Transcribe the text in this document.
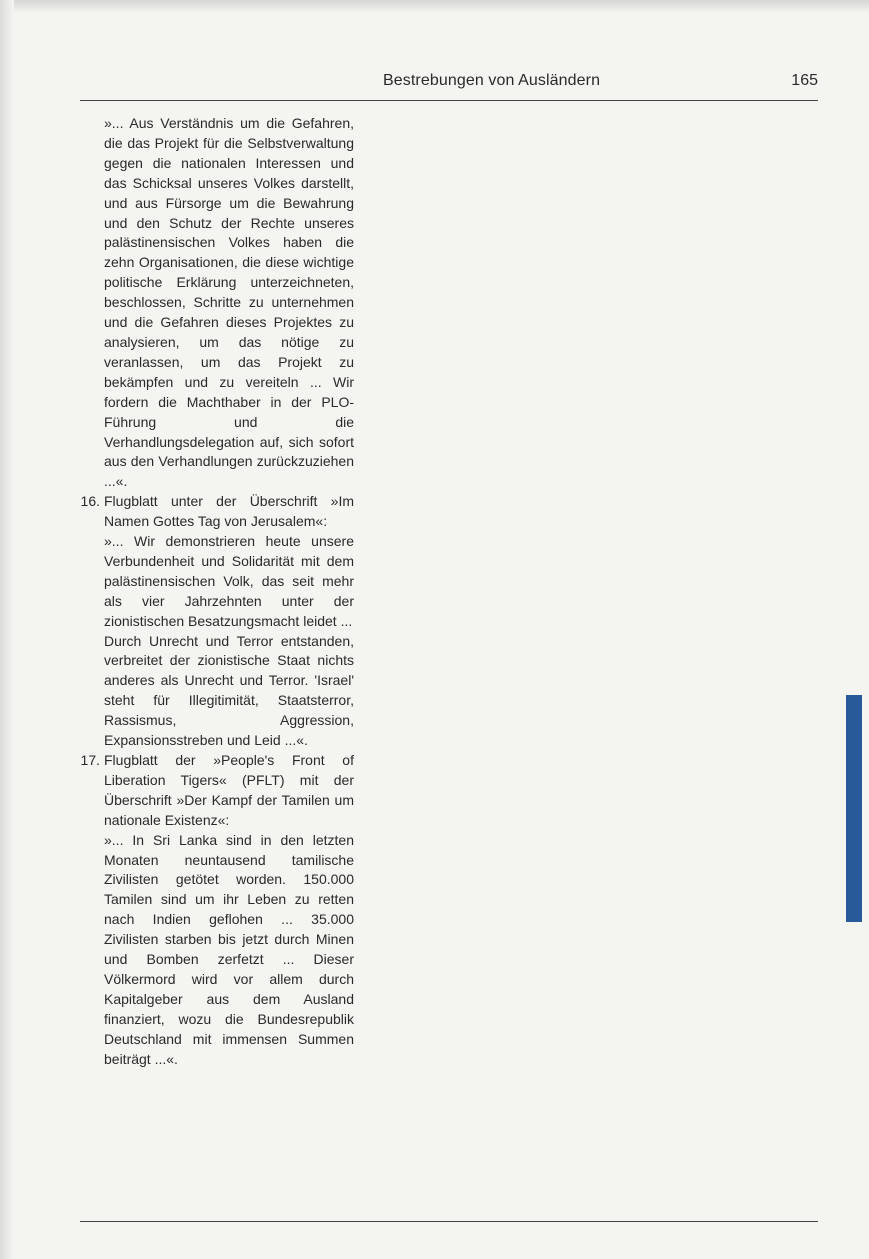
Bestrebungen von Ausländern	165

»... Aus Verständnis um die Gefahren, die das Projekt für die Selbstverwaltung gegen die nationalen Interessen und das Schicksal unseres Volkes darstellt, und aus Fürsorge um die Bewahrung und den Schutz der Rechte unseres palästinensischen Volkes haben die zehn Organisationen, die diese wichtige politische Erklärung unterzeichneten, beschlossen, Schritte zu unternehmen und die Gefahren dieses Projektes zu analysieren, um das nötige zu veranlassen, um das Projekt zu bekämpfen und zu vereiteln ... Wir fordern die Machthaber in der PLO-Führung und die Verhandlungsdelegation auf, sich sofort aus den Verhandlungen zurückzuziehen ...«.

16. Flugblatt unter der Überschrift »Im Namen Gottes Tag von Jerusalem«:

»... Wir demonstrieren heute unsere Verbundenheit und Solidarität mit dem palästinensischen Volk, das seit mehr als vier Jahrzehnten unter der zionistischen Besatzungsmacht leidet ...

Durch Unrecht und Terror entstanden, verbreitet der zionistische Staat nichts anderes als Unrecht und Terror. 'Israel' steht für Illegitimität, Staatsterror, Rassismus, Aggression, Expansionsstreben und Leid ...«.

17. Flugblatt der »People's Front of Liberation Tigers« (PFLT) mit der Überschrift »Der Kampf der Tamilen um nationale Existenz«:

»... In Sri Lanka sind in den letzten Monaten neuntausend tamilische Zivilisten getötet worden. 150.000 Tamilen sind um ihr Leben zu retten nach Indien geflohen ... 35.000 Zivilisten starben bis jetzt durch Minen und Bomben zerfetzt ... Dieser Völkermord wird vor allem durch Kapitalgeber aus dem Ausland finanziert, wozu die Bundesrepublik Deutschland mit immensen Summen beiträgt ...«.
